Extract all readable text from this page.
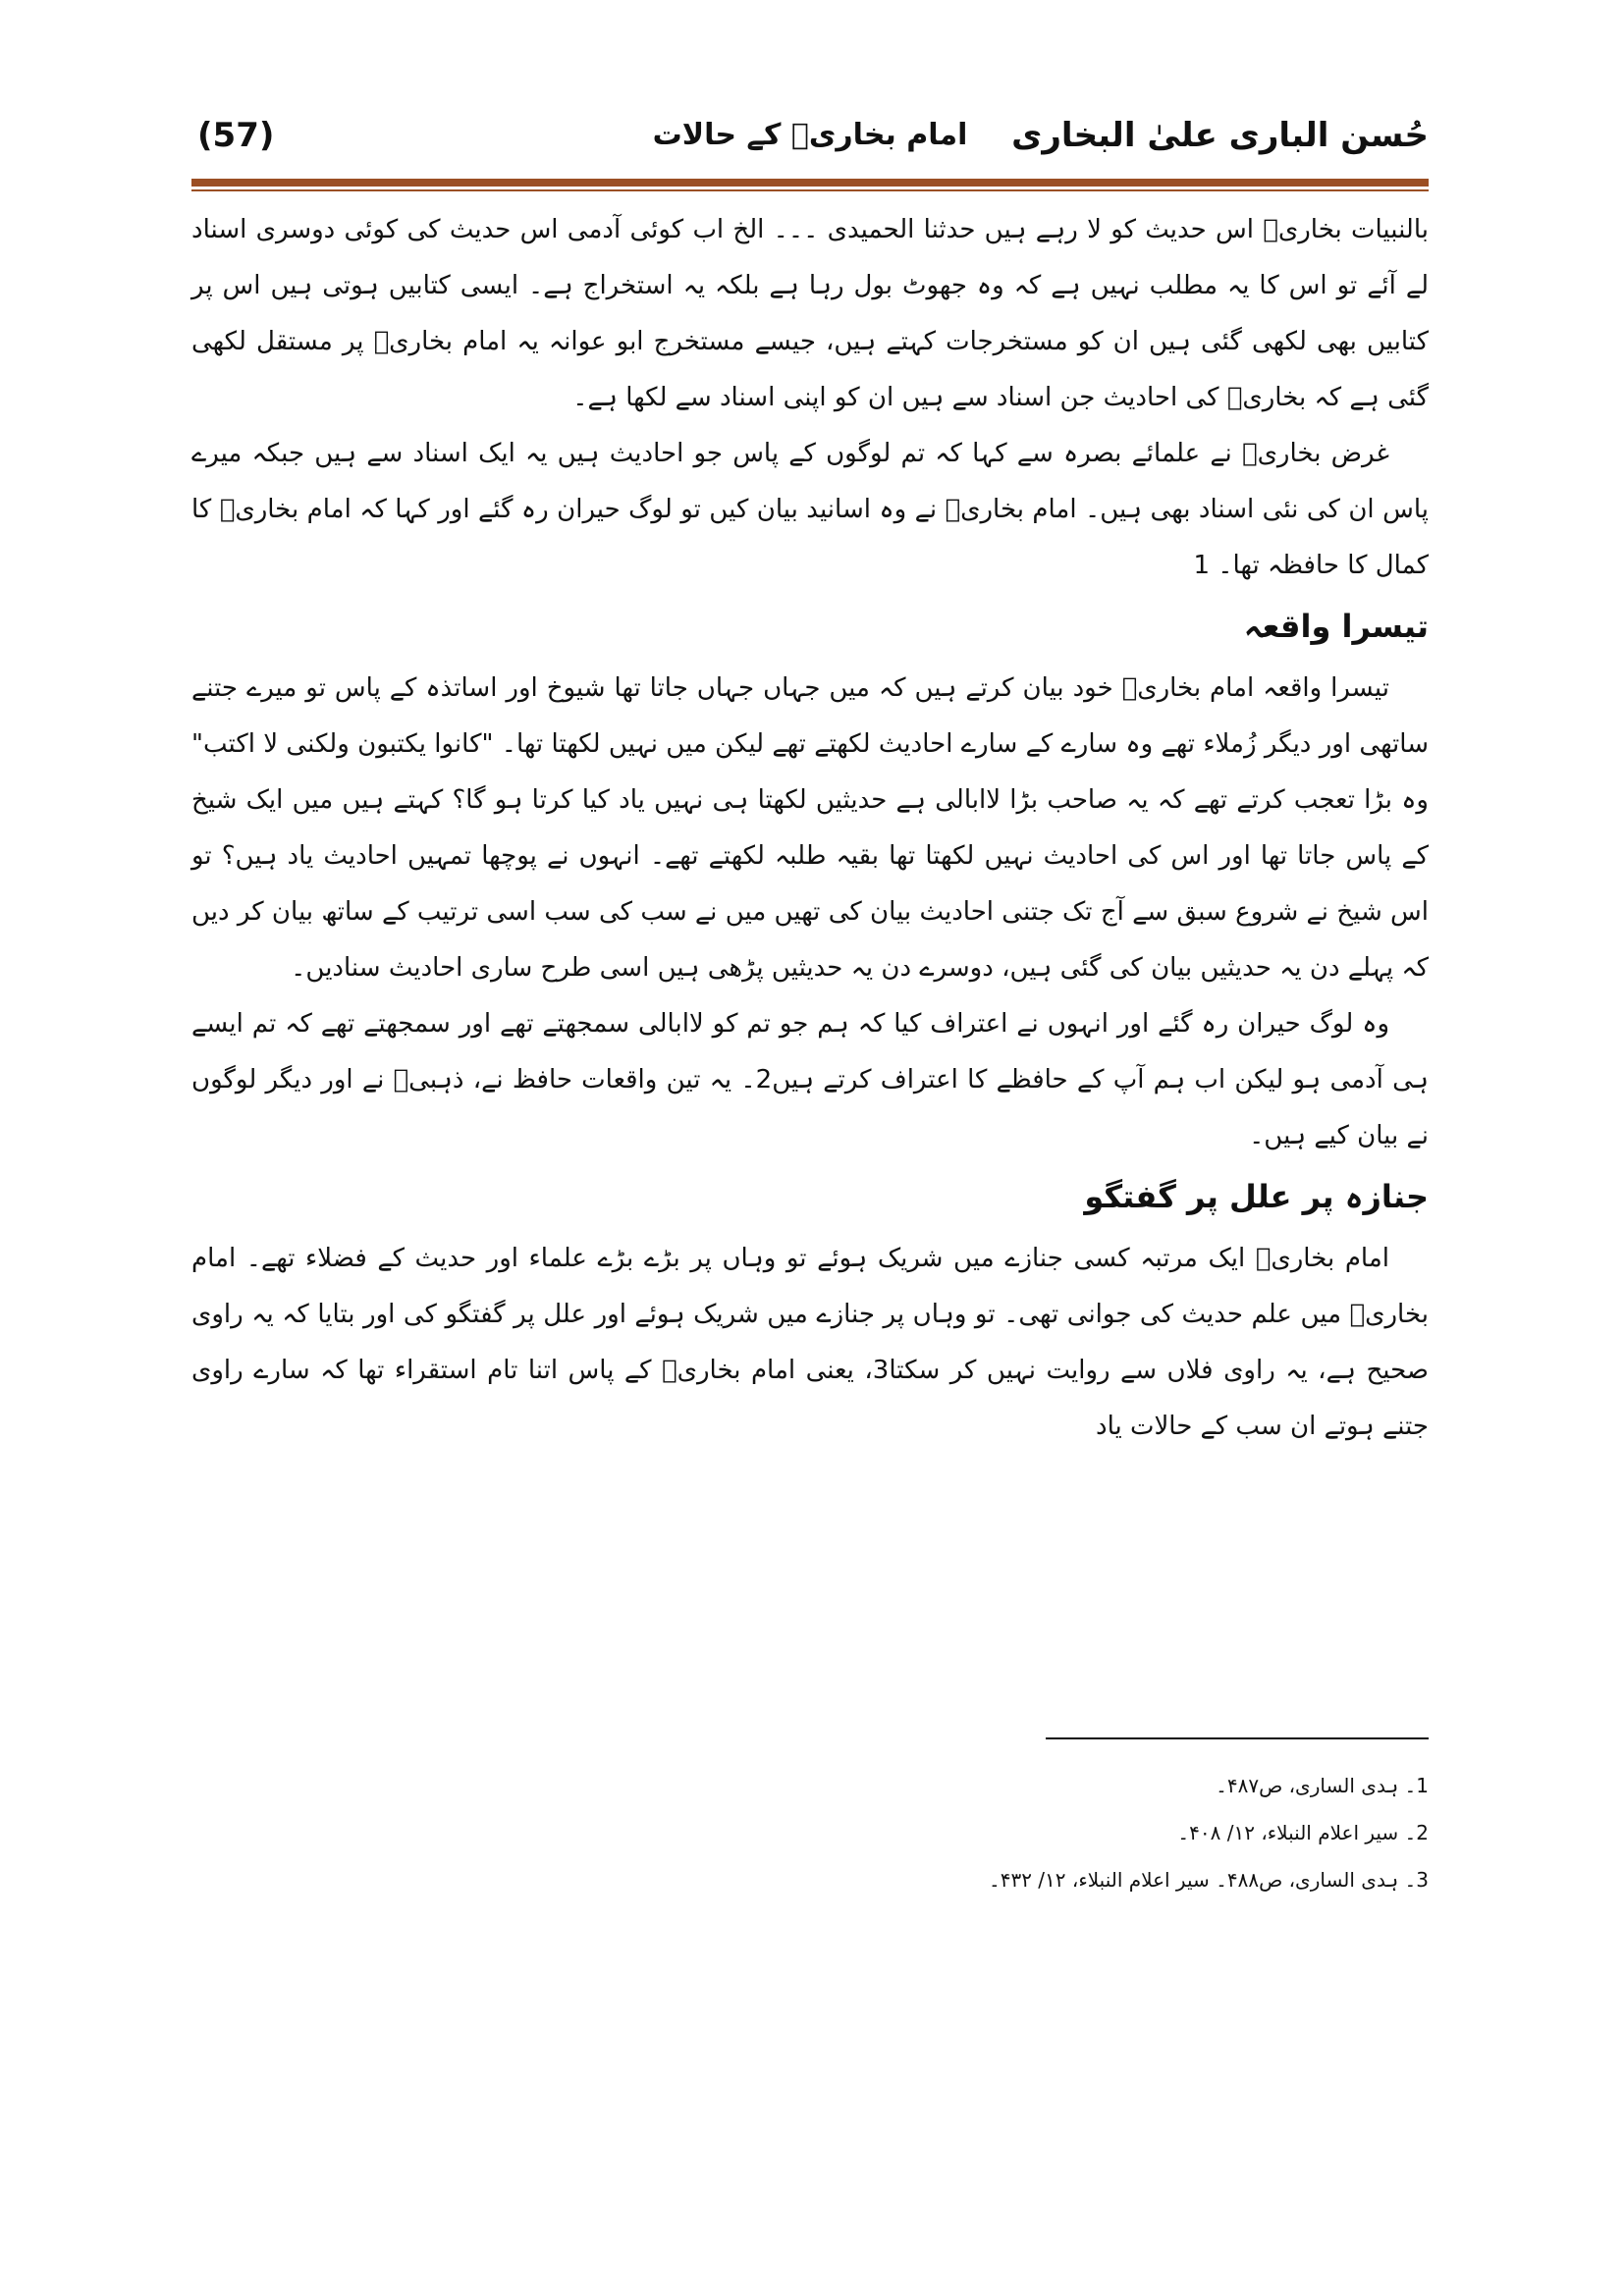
حُسن البارى علىٰ البخارى
امام بخاریؒ کے حالات
(57)

بالنبیات بخاریؒ اس حدیث کو لا رہے ہیں حدثنا الحمیدی ۔۔۔ الخ اب کوئی آدمی اس حدیث کی کوئی دوسری اسناد لے آئے تو اس کا یہ مطلب نہیں ہے کہ وہ جھوٹ بول رہا ہے بلکہ یہ استخراج ہے۔ ایسی کتابیں ہوتی ہیں اس پر کتابیں بھی لکھی گئی ہیں ان کو مستخرجات کہتے ہیں، جیسے مستخرج ابو عوانہ یہ امام بخاریؒ پر مستقل لکھی گئی ہے کہ بخاریؒ کی احادیث جن اسناد سے ہیں ان کو اپنی اسناد سے لکھا ہے۔

غرض بخاریؒ نے علمائے بصرہ سے کہا کہ تم لوگوں کے پاس جو احادیث ہیں یہ ایک اسناد سے ہیں جبکہ میرے پاس ان کی نئی اسناد بھی ہیں۔ امام بخاریؒ نے وہ اسانید بیان کیں تو لوگ حیران رہ گئے اور کہا کہ امام بخاریؒ کا کمال کا حافظہ تھا۔ 1

تیسرا واقعہ

تیسرا واقعہ امام بخاریؒ خود بیان کرتے ہیں کہ میں جہاں جہاں جاتا تھا شیوخ اور اساتذہ کے پاس تو میرے جتنے ساتھی اور دیگر زُملاء تھے وہ سارے کے سارے احادیث لکھتے تھے لیکن میں نہیں لکھتا تھا۔ "کانوا یکتبون ولکنی لا اکتب" وہ بڑا تعجب کرتے تھے کہ یہ صاحب بڑا لاابالی ہے حدیثیں لکھتا ہی نہیں یاد کیا کرتا ہو گا؟ کہتے ہیں میں ایک شیخ کے پاس جاتا تھا اور اس کی احادیث نہیں لکھتا تھا بقیہ طلبہ لکھتے تھے۔ انہوں نے پوچھا تمہیں احادیث یاد ہیں؟ تو اس شیخ نے شروع سبق سے آج تک جتنی احادیث بیان کی تھیں میں نے سب کی سب اسی ترتیب کے ساتھ بیان کر دیں کہ پہلے دن یہ حدیثیں بیان کی گئی ہیں، دوسرے دن یہ حدیثیں پڑھی ہیں اسی طرح ساری احادیث سنادیں۔

وہ لوگ حیران رہ گئے اور انہوں نے اعتراف کیا کہ ہم جو تم کو لاابالی سمجھتے تھے اور سمجھتے تھے کہ تم ایسے ہی آدمی ہو لیکن اب ہم آپ کے حافظے کا اعتراف کرتے ہیں2۔ یہ تین واقعات حافظ نے، ذہبیؒ نے اور دیگر لوگوں نے بیان کیے ہیں۔

جنازہ پر علل پر گفتگو

امام بخاریؒ ایک مرتبہ کسی جنازے میں شریک ہوئے تو وہاں پر بڑے بڑے علماء اور حدیث کے فضلاء تھے۔ امام بخاریؒ میں علم حدیث کی جوانی تھی۔ تو وہاں پر جنازے میں شریک ہوئے اور علل پر گفتگو کی اور بتایا کہ یہ راوی صحیح ہے، یہ راوی فلاں سے روایت نہیں کر سکتا3، یعنی امام بخاریؒ کے پاس اتنا تام استقراء تھا کہ سارے راوی جتنے ہوتے ان سب کے حالات یاد

1۔ ہدی الساری، ص۴۸۷۔
2۔ سیر اعلام النبلاء، ۱۲/ ۴۰۸۔
3۔ ہدی الساری، ص۴۸۸۔ سیر اعلام النبلاء، ۱۲/ ۴۳۲۔
